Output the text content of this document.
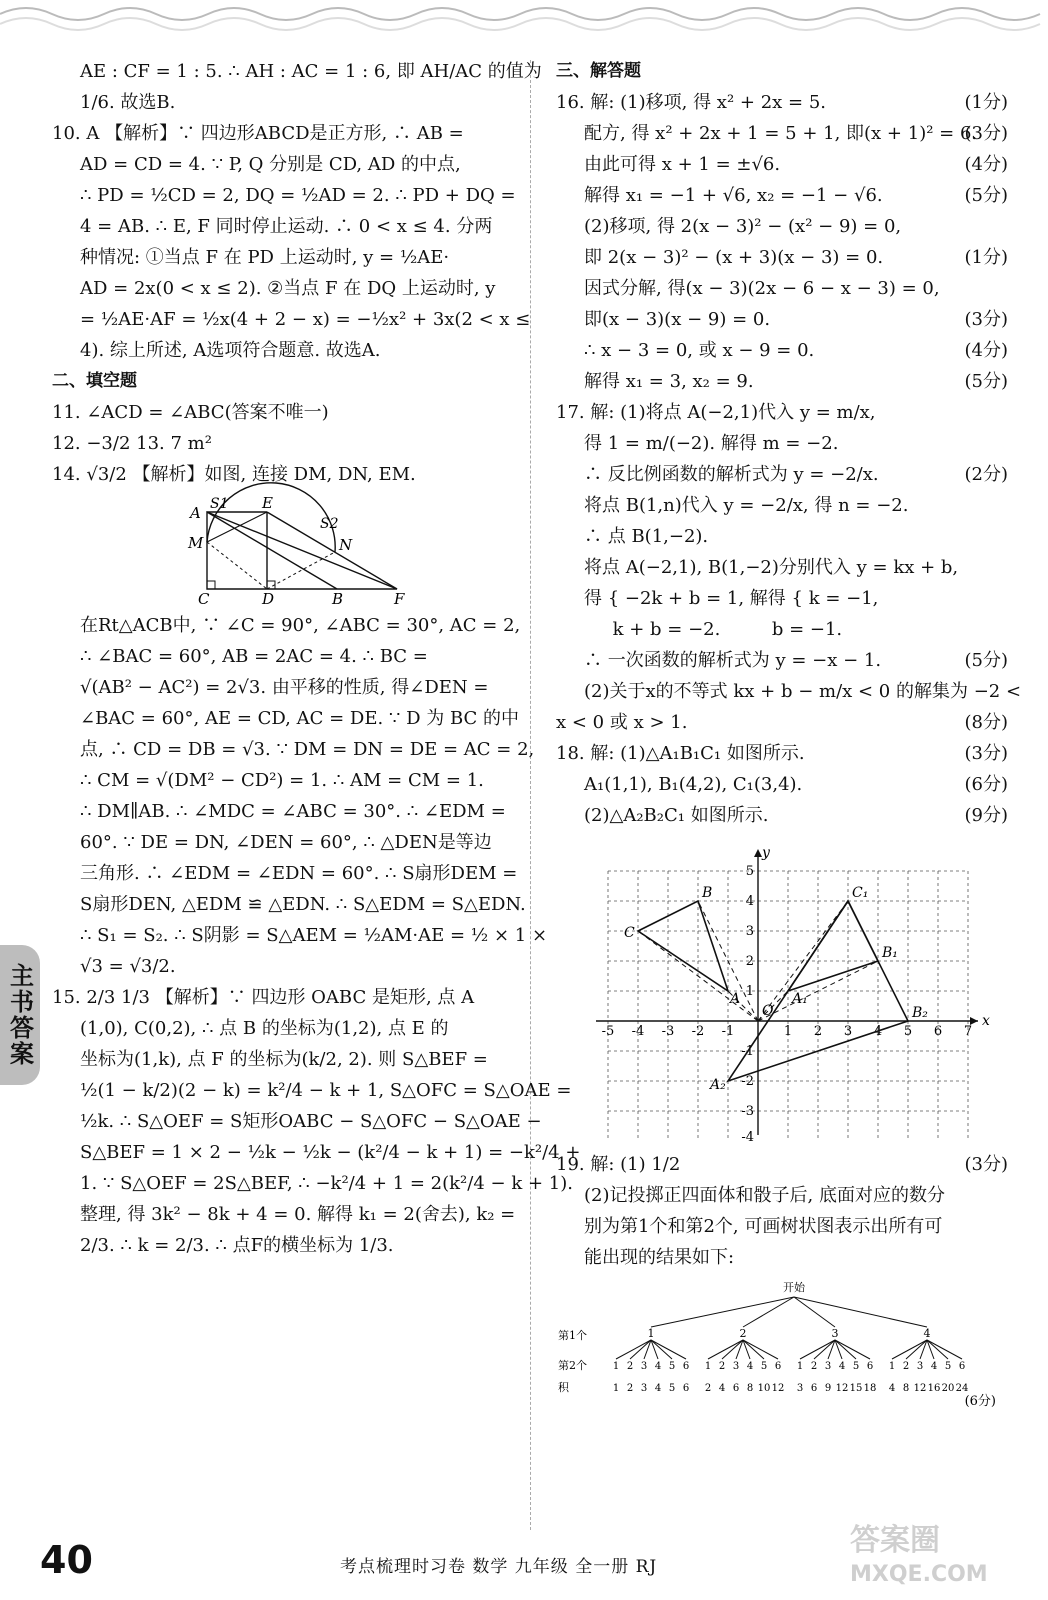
主书答案
AE : CF = 1 : 5. ∴ AH : AC = 1 : 6, 即 AH/AC 的值为
1/6. 故选B.
10. A 【解析】∵ 四边形ABCD是正方形, ∴ AB =
AD = CD = 4. ∵ P, Q 分别是 CD, AD 的中点,
∴ PD = ½CD = 2, DQ = ½AD = 2. ∴ PD + DQ =
4 = AB. ∴ E, F 同时停止运动. ∴ 0 < x ≤ 4. 分两
种情况: ①当点 F 在 PD 上运动时, y = ½AE·
AD = 2x(0 < x ≤ 2). ②当点 F 在 DQ 上运动时, y
= ½AE·AF = ½x(4 + 2 − x) = −½x² + 3x(2 < x ≤
4). 综上所述, A选项符合题意. 故选A.
二、填空题
11. ∠ACD = ∠ABC(答案不唯一)
12. −3/2 13. 7 m²
14. √3/2 【解析】如图, 连接 DM, DN, EM.
A S1 E
S2
M	N
C	D	B	F
在Rt△ACB中, ∵ ∠C = 90°, ∠ABC = 30°, AC = 2,
∴ ∠BAC = 60°, AB = 2AC = 4. ∴ BC =
√(AB² − AC²) = 2√3. 由平移的性质, 得∠DEN =
∠BAC = 60°, AE = CD, AC = DE. ∵ D 为 BC 的中
点, ∴ CD = DB = √3. ∵ DM = DN = DE = AC = 2,
∴ CM = √(DM² − CD²) = 1. ∴ AM = CM = 1.
∴ DM∥AB. ∴ ∠MDC = ∠ABC = 30°. ∴ ∠EDM =
60°. ∵ DE = DN, ∠DEN = 60°, ∴ △DEN是等边
三角形. ∴ ∠EDM = ∠EDN = 60°. ∴ S扇形DEM =
S扇形DEN, △EDM ≌ △EDN. ∴ S△EDM = S△EDN.
∴ S₁ = S₂. ∴ S阴影 = S△AEM = ½AM·AE = ½ × 1 ×
√3 = √3/2.
15. 2/3 1/3 【解析】∵ 四边形 OABC 是矩形, 点 A
(1,0), C(0,2), ∴ 点 B 的坐标为(1,2), 点 E 的
坐标为(1,k), 点 F 的坐标为(k/2, 2). 则 S△BEF =
½(1 − k/2)(2 − k) = k²/4 − k + 1, S△OFC = S△OAE =
½k. ∴ S△OEF = S矩形OABC − S△OFC − S△OAE −
S△BEF = 1 × 2 − ½k − ½k − (k²/4 − k + 1) = −k²/4 +
1. ∵ S△OEF = 2S△BEF, ∴ −k²/4 + 1 = 2(k²/4 − k + 1).
整理, 得 3k² − 8k + 4 = 0. 解得 k₁ = 2(舍去), k₂ =
2/3. ∴ k = 2/3. ∴ 点F的横坐标为 1/3.
三、解答题
16. 解: (1)移项, 得 x² + 2x = 5.	(1分)
配方, 得 x² + 2x + 1 = 5 + 1, 即(x + 1)² = 6.
(3分)
由此可得 x + 1 = ±√6.	(4分)
解得 x₁ = −1 + √6, x₂ = −1 − √6.	(5分)
(2)移项, 得 2(x − 3)² − (x² − 9) = 0,
即 2(x − 3)² − (x + 3)(x − 3) = 0.	(1分)
因式分解, 得(x − 3)(2x − 6 − x − 3) = 0,
即(x − 3)(x − 9) = 0.	(3分)
∴ x − 3 = 0, 或 x − 9 = 0.	(4分)
解得 x₁ = 3, x₂ = 9.	(5分)
17. 解: (1)将点 A(−2,1)代入 y = m/x,
得 1 = m/(−2). 解得 m = −2.
∴ 反比例函数的解析式为 y = −2/x.	(2分)
将点 B(1,n)代入 y = −2/x, 得 n = −2.
∴ 点 B(1,−2).
将点 A(−2,1), B(1,−2)分别代入 y = kx + b,
得 { −2k + b = 1, 解得 { k = −1,
k + b = −2.         b = −1.
∴ 一次函数的解析式为 y = −x − 1.	(5分)
(2)关于x的不等式 kx + b − m/x < 0 的解集为 −2 <
x < 0 或 x > 1.	(8分)
18. 解: (1)△A₁B₁C₁ 如图所示.	(3分)
A₁(1,1), B₁(4,2), C₁(3,4).	(6分)
(2)△A₂B₂C₁ 如图所示.	(9分)
y
x
-5 -4 -3 -2 -1	1 2 3 4 5 6 7
5
4
3
2
1
-1
-2
-3
-4
B
C
C₁
B₁
B₂
A₁
A₂
A
O
19. 解: (1) 1/2	(3分)
(2)记投掷正四面体和骰子后, 底面对应的数分
别为第1个和第2个, 可画树状图表示出所有可
能出现的结果如下:
开始
第1个
第2个
积
(6分)
1
1
1
2
2
3
3
4
4
5
5
6
6
2
1
2
2
4
3
6
4
8
5
10
6
12
3
1
3
2
6
3
9
4
12
5
15
6
18
4
1
4
2
8
3
12
4
16
5
20
6
24
40	考点梳理时习卷 数学 九年级 全一册 RJ
答案圈
MXQE.COM
